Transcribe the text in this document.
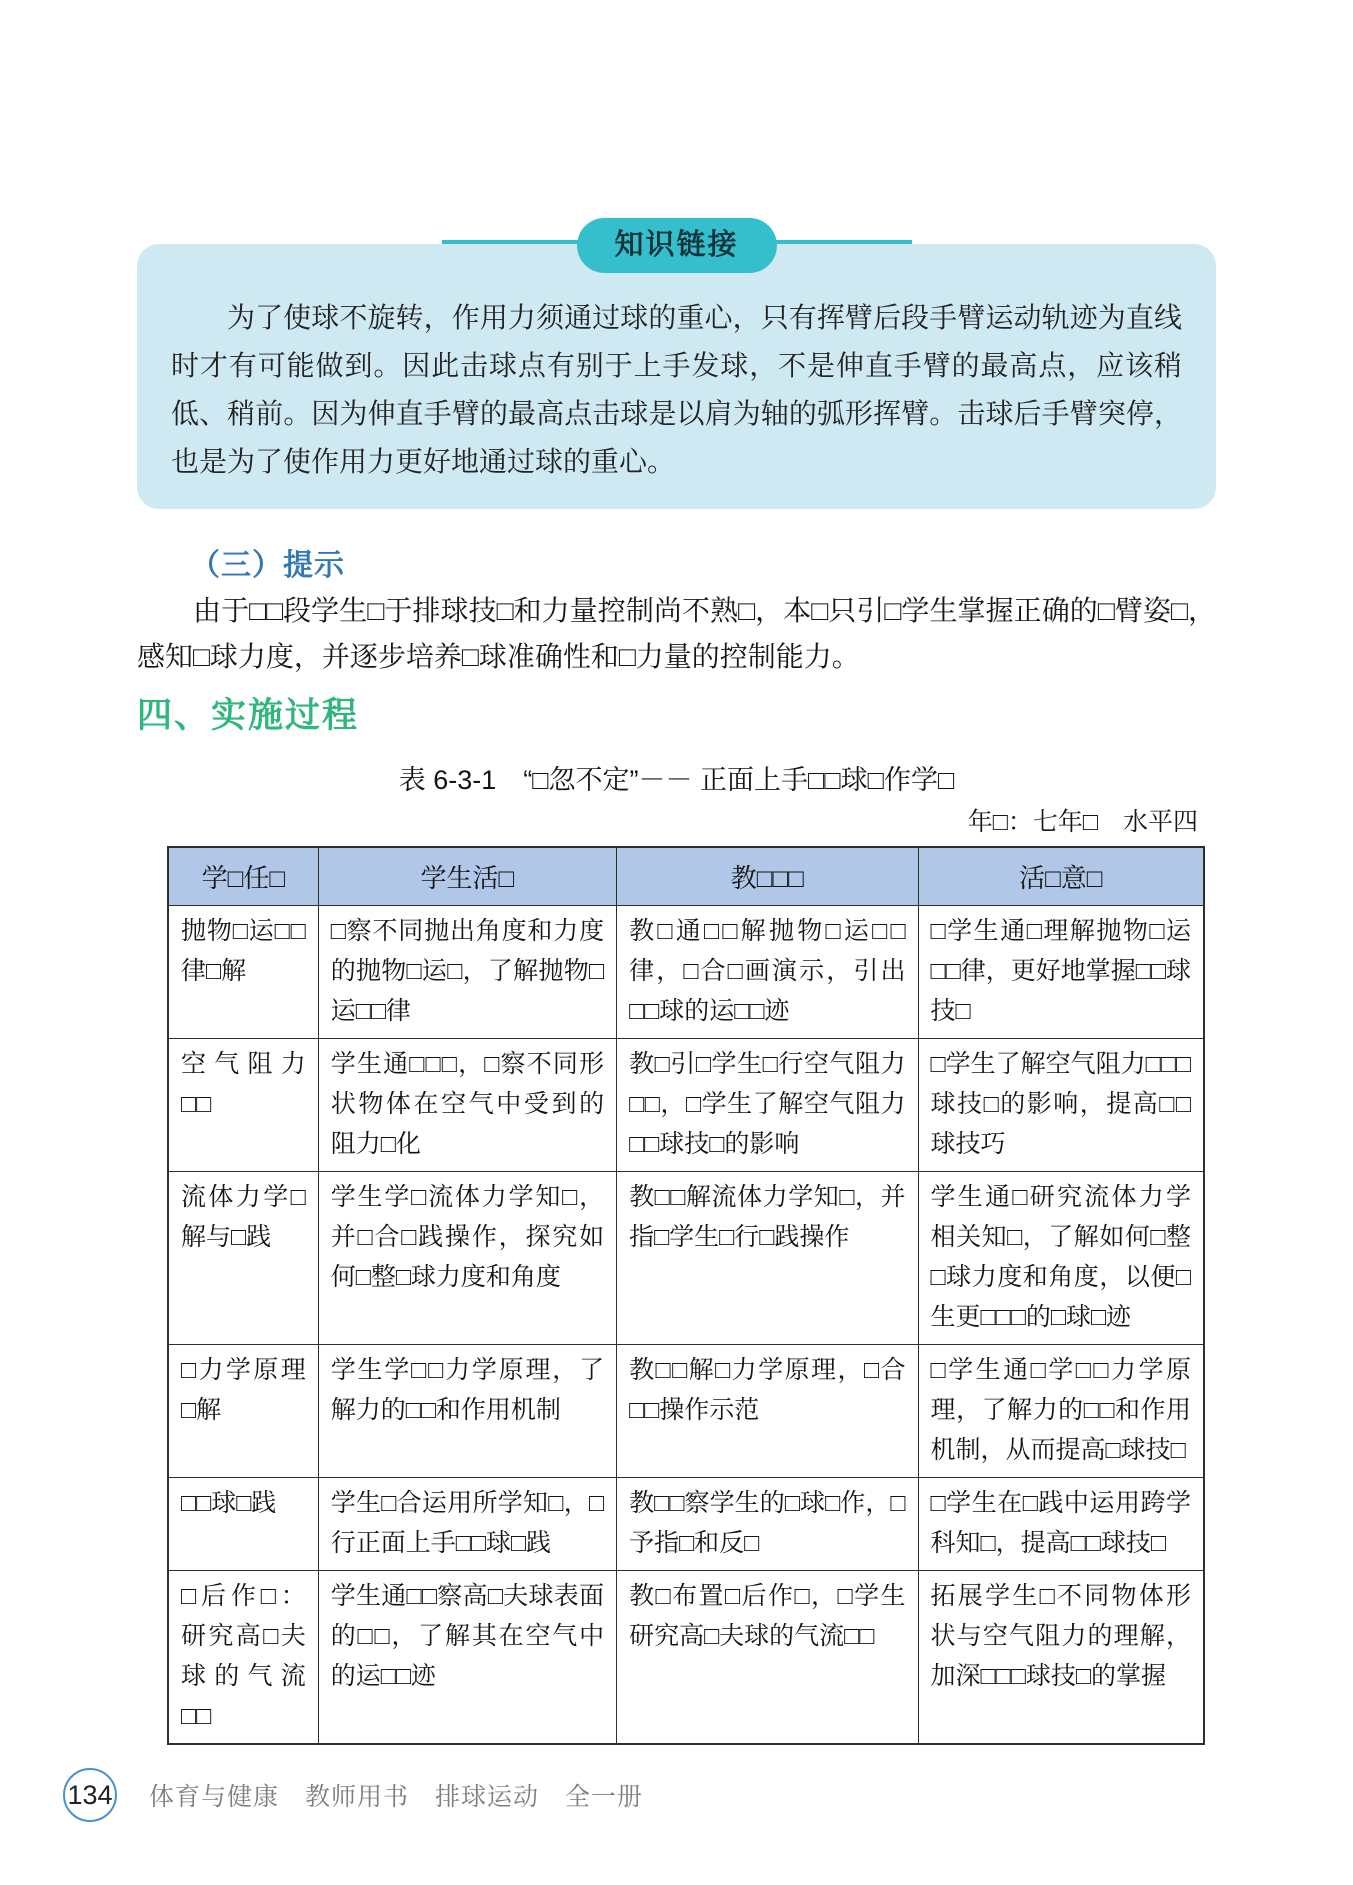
知识链接

为了使球不旋转，作用力须通过球的重心，只有挥臂后段手臂运动轨迹为直线时才有可能做到。因此击球点有别于上手发球，不是伸直手臂的最高点，应该稍低、稍前。因为伸直手臂的最高点击球是以肩为轴的弧形挥臂。击球后手臂突停，也是为了使作用力更好地通过球的重心。

（三）提示

由于□□段学生□于排球技□和力量控制尚不熟□，本□只引□学生掌握正确的□臂姿□，感知□球力度，并逐步培养□球准确性和□力量的控制能力。

四、实施过程

表 6-3-1　“□忽不定”－－ 正面上手□□球□作学□

年□：七年□　水平四

学□任□	学生活□	教□□□	活□意□
抛物□运□□律□解	□察不同抛出角度和力度的抛物□运□，了解抛物□运□□律	教□通□□解抛物□运□□律，□合□画演示，引出□□球的运□□迹	□学生通□理解抛物□运□□律，更好地掌握□□球技□
空气阻力□□	学生通□□□，□察不同形状物体在空气中受到的阻力□化	教□引□学生□行空气阻力□□，□学生了解空气阻力□□球技□的影响	□学生了解空气阻力□□□球技□的影响，提高□□球技巧
流体力学□解与□践	学生学□流体力学知□，并□合□践操作，探究如何□整□球力度和角度	教□□解流体力学知□，并指□学生□行□践操作	学生通□研究流体力学相关知□，了解如何□整□球力度和角度，以便□生更□□□的□球□迹
□力学原理□解	学生学□□力学原理，了解力的□□和作用机制	教□□解□力学原理，□合□□操作示范	□学生通□学□□力学原理，了解力的□□和作用机制，从而提高□球技□
□□球□践	学生□合运用所学知□，□行正面上手□□球□践	教□□察学生的□球□作，□予指□和反□	□学生在□践中运用跨学科知□，提高□□球技□
□后作□：研究高□夫球的气流□□	学生通□□察高□夫球表面的□□，了解其在空气中的运□□迹	教□布置□后作□，□学生研究高□夫球的气流□□	拓展学生□不同物体形状与空气阻力的理解，加深□□□球技□的掌握
134 体育与健康　教师用书　排球运动　全一册
